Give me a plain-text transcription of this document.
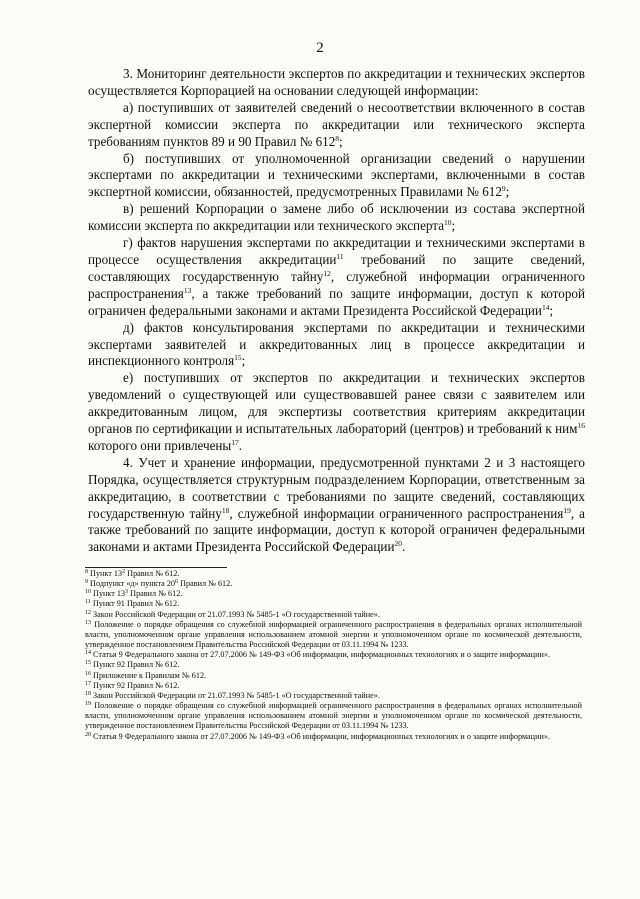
2

3. Мониторинг деятельности экспертов по аккредитации и технических экспертов осуществляется Корпорацией на основании следующей информации:

а) поступивших от заявителей сведений о несоответствии включенного в состав экспертной комиссии эксперта по аккредитации или технического эксперта требованиям пунктов 89 и 90 Правил № $612^8$;

б) поступивших от уполномоченной организации сведений о нарушении экспертами по аккредитации и техническими экспертами, включенными в состав экспертной комиссии, обязанностей, предусмотренных Правилами № $612^9$;

в) решений Корпорации о замене либо об исключении из состава экспертной комиссии эксперта по аккредитации или технического эксперта$^{10}$;

г) фактов нарушения экспертами по аккредитации и техническими экспертами в процессе осуществления аккредитации$^{11}$ требований по защите сведений, составляющих государственную тайну$^{12}$, служебной информации ограниченного распространения$^{13}$, а также требований по защите информации, доступ к которой ограничен федеральными законами и актами Президента Российской Федерации$^{14}$;

д) фактов консультирования экспертами по аккредитации и техническими экспертами заявителей и аккредитованных лиц в процессе аккредитации и инспекционного контроля$^{15}$;

е) поступивших от экспертов по аккредитации и технических экспертов уведомлений о существующей или существовавшей ранее связи с заявителем или аккредитованным лицом, для экспертизы соответствия критериям аккредитации органов по сертификации и испытательных лабораторий (центров) и требований к ним$^{16}$ которого они привлечены$^{17}$.

4. Учет и хранение информации, предусмотренной пунктами 2 и 3 настоящего Порядка, осуществляется структурным подразделением Корпорации, ответственным за аккредитацию, в соответствии с требованиями по защите сведений, составляющих государственную тайну$^{18}$, служебной информации ограниченного распространения$^{19}$, а также требований по защите информации, доступ к которой ограничен федеральными законами и актами Президента Российской Федерации$^{20}$.

$^8$ Пункт $13^2$ Правил № 612.
$^9$ Подпункт «д» пункта $20^6$ Правил № 612.
$^{10}$ Пункт $13^3$ Правил № 612.
$^{11}$ Пункт 91 Правил № 612.
$^{12}$ Закон Российской Федерации от 21.07.1993 № 5485-1 «О государственной тайне».
$^{13}$ Положение о порядке обращения со служебной информацией ограниченного распространения в федеральных органах исполнительной власти, уполномоченном органе управления использованием атомной энергии и уполномоченном органе по космической деятельности, утвержденное постановлением Правительства Российской Федерации от 03.11.1994 № 1233.
$^{14}$ Статья 9 Федерального закона от 27.07.2006 № 149-ФЗ «Об информации, информационных технологиях и о защите информации».
$^{15}$ Пункт 92 Правил № 612.
$^{16}$ Приложение к Правилам № 612.
$^{17}$ Пункт 92 Правил № 612.
$^{18}$ Закон Российской Федерации от 21.07.1993 № 5485-1 «О государственной тайне».
$^{19}$ Положение о порядке обращения со служебной информацией ограниченного распространения в федеральных органах исполнительной власти, уполномоченном органе управления использованием атомной энергии и уполномоченном органе по космической деятельности, утвержденное постановлением Правительства Российской Федерации от 03.11.1994 № 1233.
$^{20}$ Статья 9 Федерального закона от 27.07.2006 № 149-ФЗ «Об информации, информационных технологиях и о защите информации».
